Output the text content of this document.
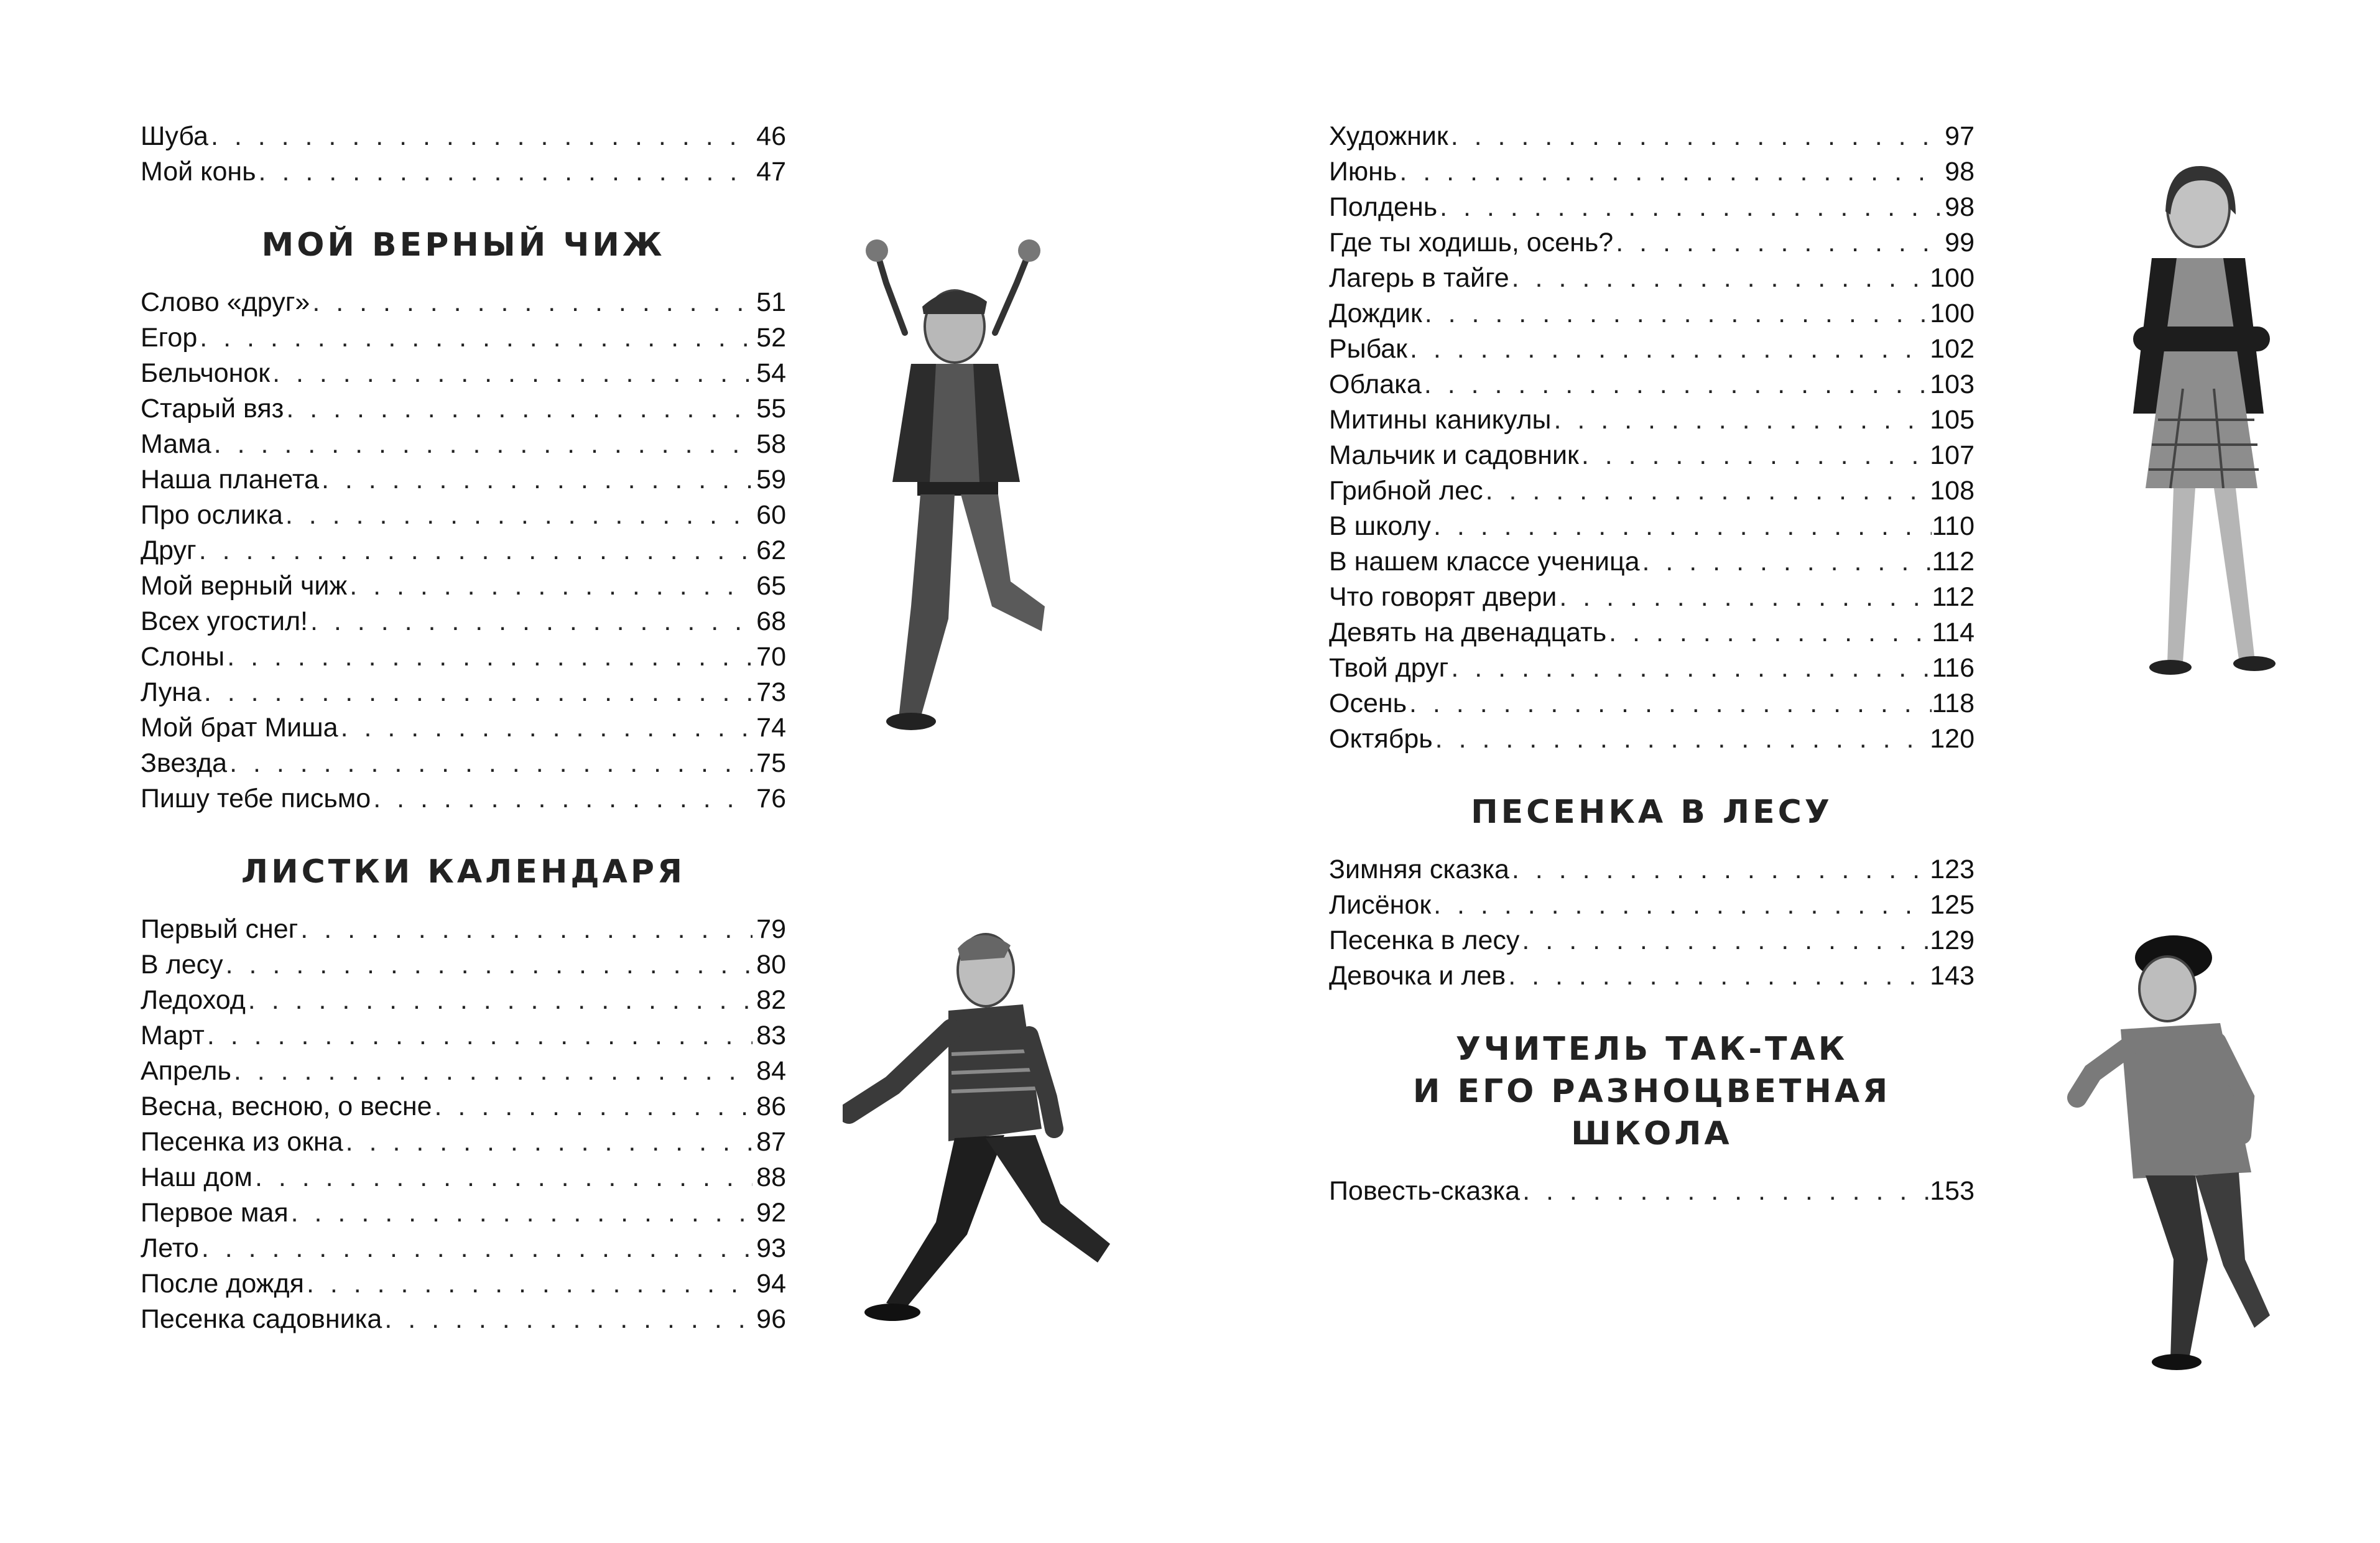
Шуба . . .	46
Мой конь . . .	47
МОЙ ВЕРНЫЙ ЧИЖ
Слово «друг» . . .	51
Егор . . .	52
Бельчонок . . .	54
Старый вяз . . .	55
Мама . . .	58
Наша планета . . .	59
Про ослика . . .	60
Друг . . .	62
Мой верный чиж . . .	65
Всех угостил! . . .	68
Слоны . . .	70
Луна . . .	73
Мой брат Миша . . .	74
Звезда . . .	75
Пишу тебе письмо . . .	76
ЛИСТКИ КАЛЕНДАРЯ
Первый снег . . .	79
В лесу . . .	80
Ледоход . . .	82
Март . . .	83
Апрель . . .	84
Весна, весною, о весне . . .	86
Песенка из окна . . .	87
Наш дом . . .	88
Первое мая . . .	92
Лето . . .	93
После дождя . . .	94
Песенка садовника . . .	96
Художник . . .	97
Июнь . . .	98
Полдень . . .	98
Где ты ходишь, осень? . . .	99
Лагерь в тайге . . .	100
Дождик . . .	100
Рыбак . . .	102
Облака . . .	103
Митины каникулы . . .	105
Мальчик и садовник . . .	107
Грибной лес . . .	108
В школу . . .	110
В нашем классе ученица . . .	112
Что говорят двери . . .	112
Девять на двенадцать . . .	114
Твой друг . . .	116
Осень . . .	118
Октябрь . . .	120
ПЕСЕНКА В ЛЕСУ
Зимняя сказка . . .	123
Лисёнок . . .	125
Песенка в лесу . . .	129
Девочка и лев . . .	143
УЧИТЕЛЬ ТАК-ТАК
И ЕГО РАЗНОЦВЕТНАЯ ШКОЛА
Повесть-сказка . . .	153
